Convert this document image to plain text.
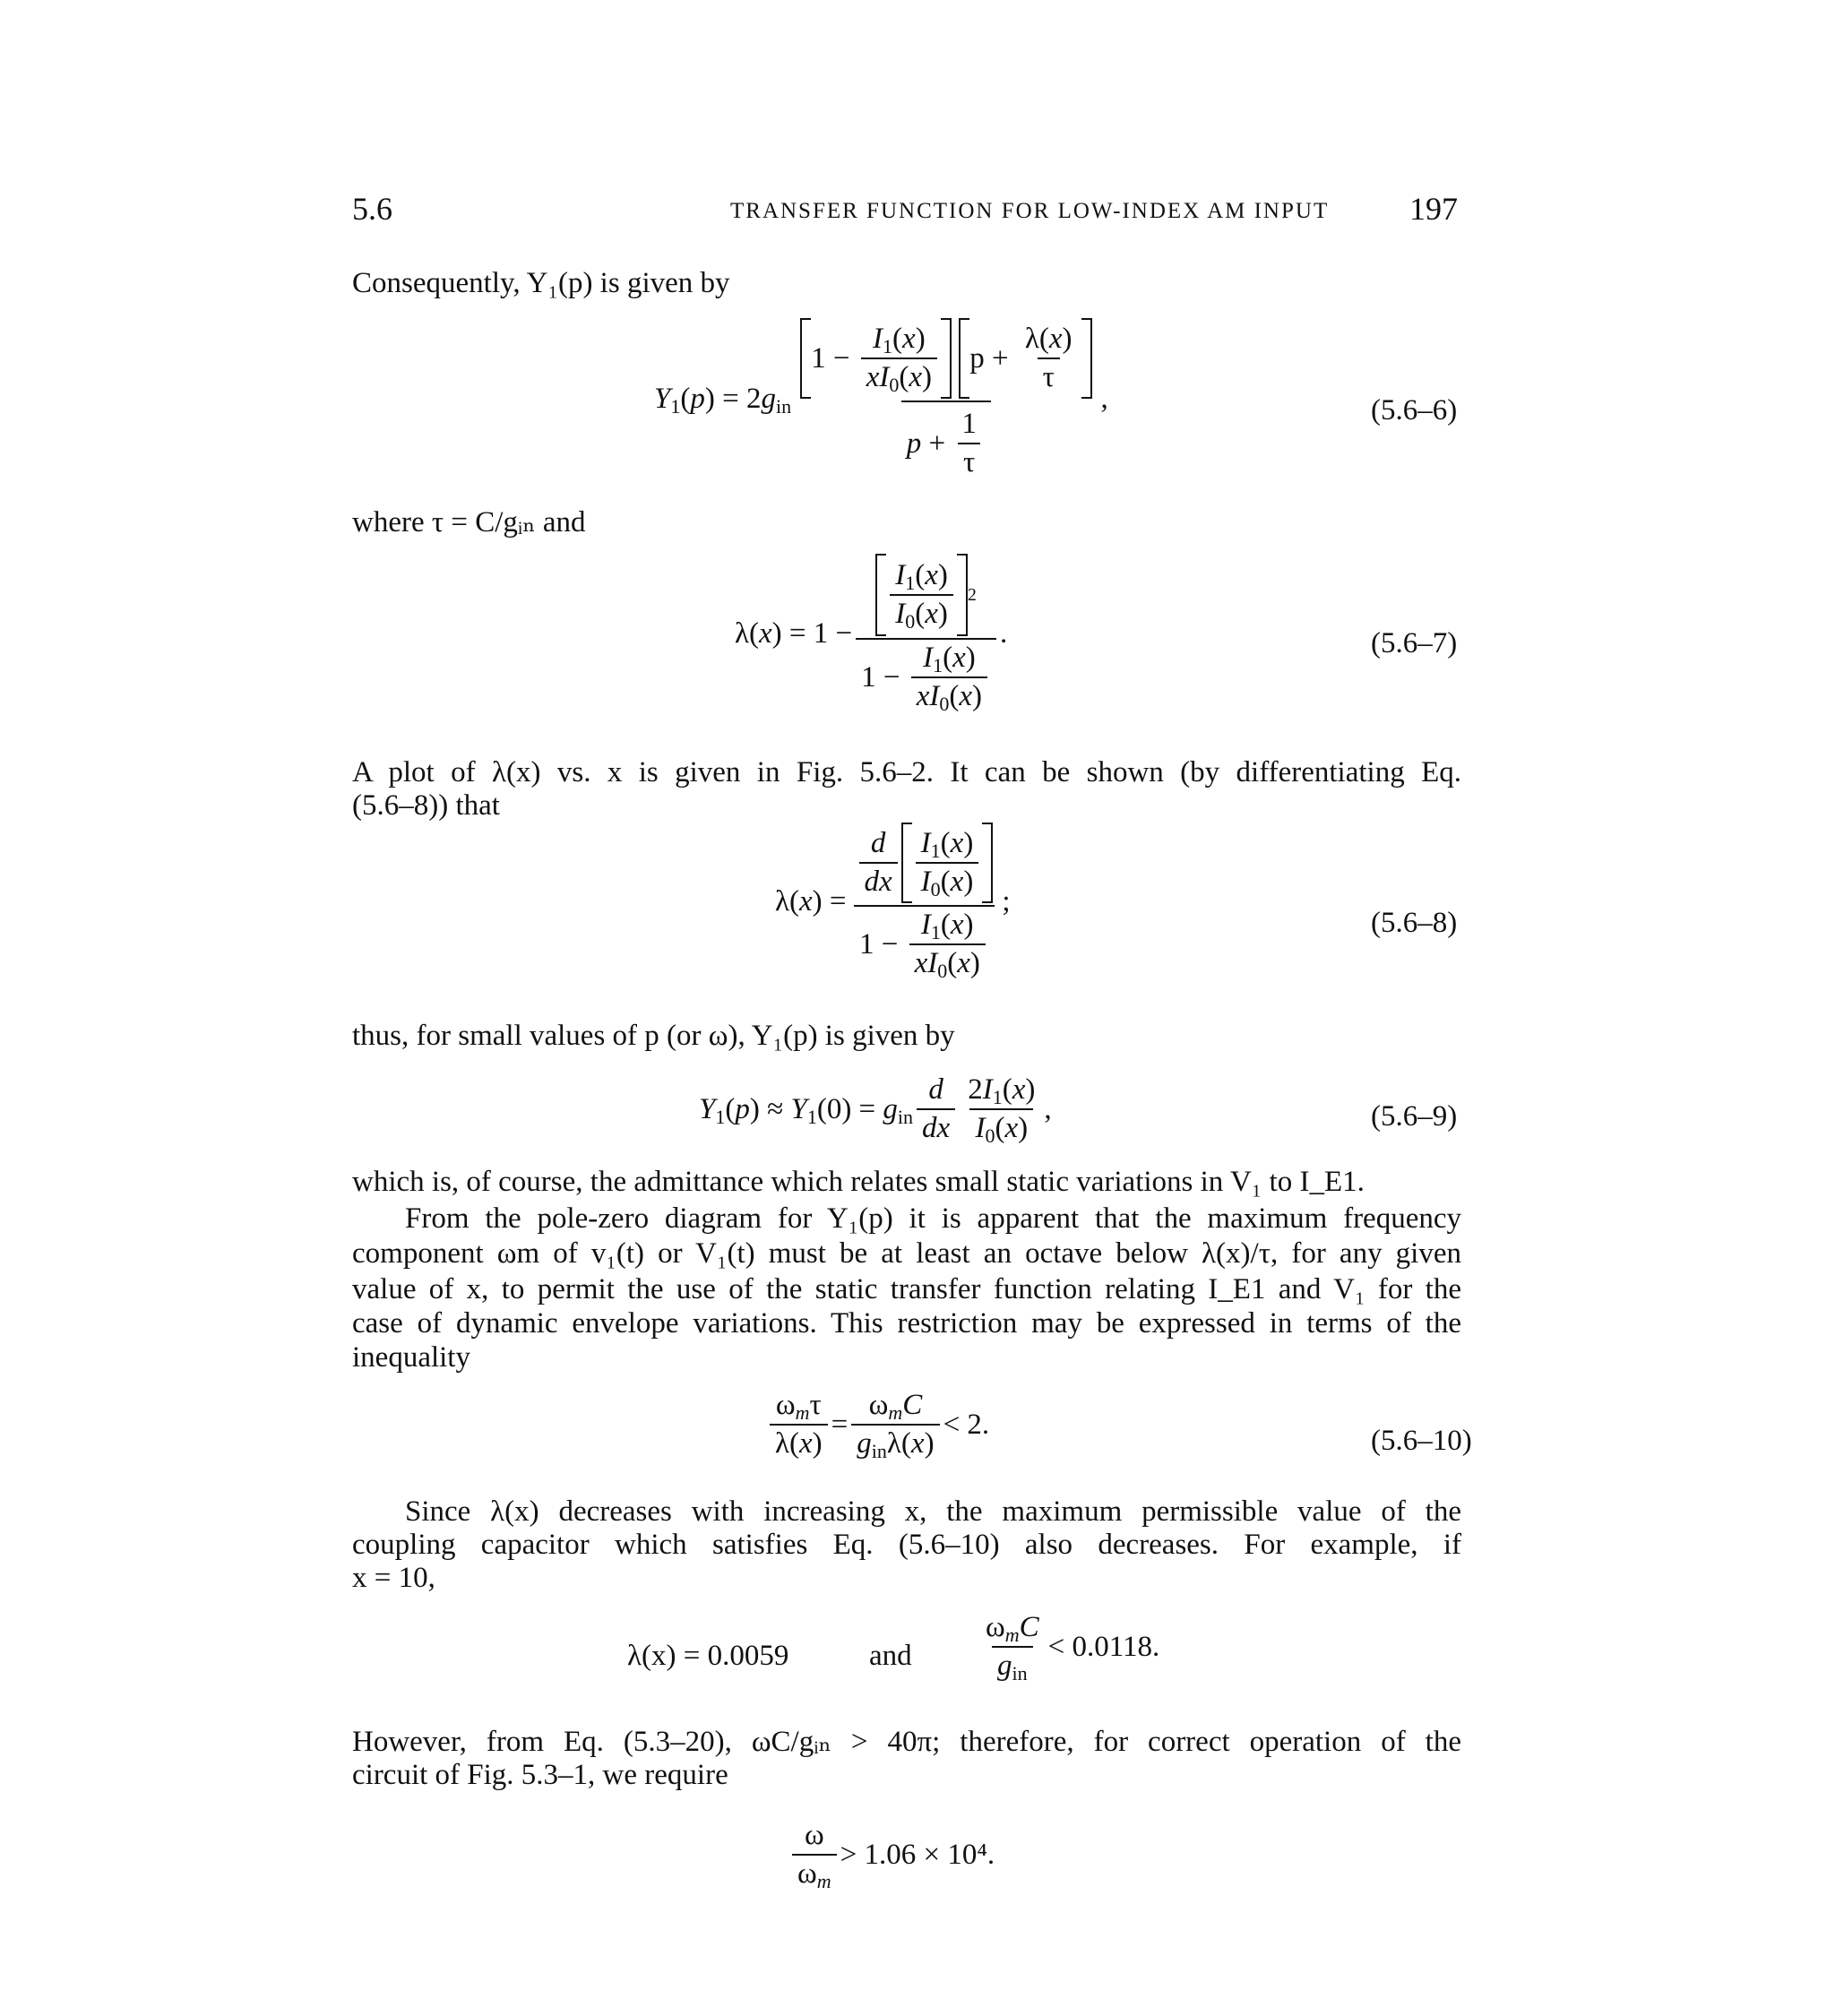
5.6	TRANSFER FUNCTION FOR LOW-INDEX AM INPUT 197
Consequently, Y₁(p) is given by
$Y_1(p) = 2g_{in}$
$1 - \frac{I_1(x)}{xI_0(x)}$
$p + \frac{\lambda(x)}{\tau}$
$p + \frac{1}{\tau}$
,	(5.6–6)
where τ = C/gᵢₙ and
$\lambda(x) = 1 - \frac{\frac{I_1(x)}{I_0(x)} 2}{1 - \frac{I_1(x)}{xI_0(x)}}$ .	(5.6–7)
A plot of λ(x) vs. x is given in Fig. 5.6–2. It can be shown (by differentiating Eq.
(5.6–8)) that
$\lambda(x) = \frac{\frac{d}{dx} \frac{I_1(x)}{I_0(x)}}{1 - \frac{I_1(x)}{xI_0(x)}}$ ;
(5.6–8)
thus, for small values of p (or ω), Y₁(p) is given by
$Y_1(p) \approx Y_1(0) = g_{in} \frac{d}{dx} \frac{2I_1(x)}{I_0(x)}$ ,	(5.6–9)
which is, of course, the admittance which relates small static variations in V₁ to I_E1.
From the pole-zero diagram for Y₁(p) it is apparent that the maximum frequency
component ωm of v₁(t) or V₁(t) must be at least an octave below λ(x)/τ, for any given
value of x, to permit the use of the static transfer function relating I_E1 and V₁ for the
case of dynamic envelope variations. This restriction may be expressed in terms of the
inequality
$\frac{\omega_m\tau}{\lambda(x)} = \frac{\omega_mC}{g_{in}\lambda(x)} < 2$.
(5.6–10)
Since λ(x) decreases with increasing x, the maximum permissible value of the
coupling capacitor which satisfies Eq. (5.6–10) also decreases. For example, if
x = 10,
λ(x) = 0.0059	and $\frac{\omega_mC}{g_{in}} < 0.0118$.
However, from Eq. (5.3–20), ωC/gᵢₙ > 40π; therefore, for correct operation of the
circuit of Fig. 5.3–1, we require
$\frac{\omega}{\omega_m} > 1.06 \times 10^4$.
